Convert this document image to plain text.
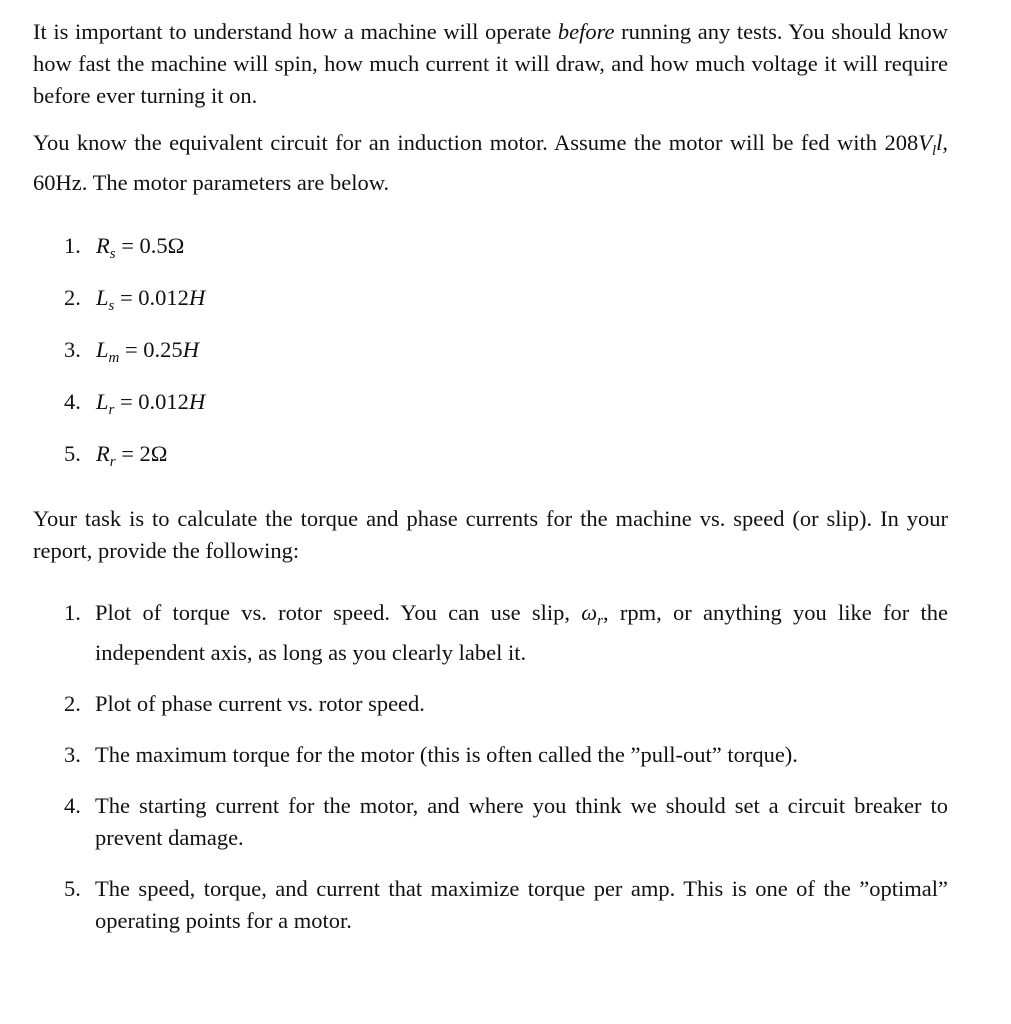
It is important to understand how a machine will operate before running any tests. You should know how fast the machine will spin, how much current it will draw, and how much voltage it will require before ever turning it on.

You know the equivalent circuit for an induction motor. Assume the motor will be fed with $208V_ll$, 60Hz. The motor parameters are below.

1. $R_s = 0.5\Omega$
2. $L_s = 0.012H$
3. $L_m = 0.25H$
4. $L_r = 0.012H$
5. $R_r = 2\Omega$

Your task is to calculate the torque and phase currents for the machine vs. speed (or slip). In your report, provide the following:

1. Plot of torque vs. rotor speed. You can use slip, $\omega_r$, rpm, or anything you like for the independent axis, as long as you clearly label it.
2. Plot of phase current vs. rotor speed.
3. The maximum torque for the motor (this is often called the ”pull-out” torque).
4. The starting current for the motor, and where you think we should set a circuit breaker to prevent damage.
5. The speed, torque, and current that maximize torque per amp. This is one of the ”optimal” operating points for a motor.
